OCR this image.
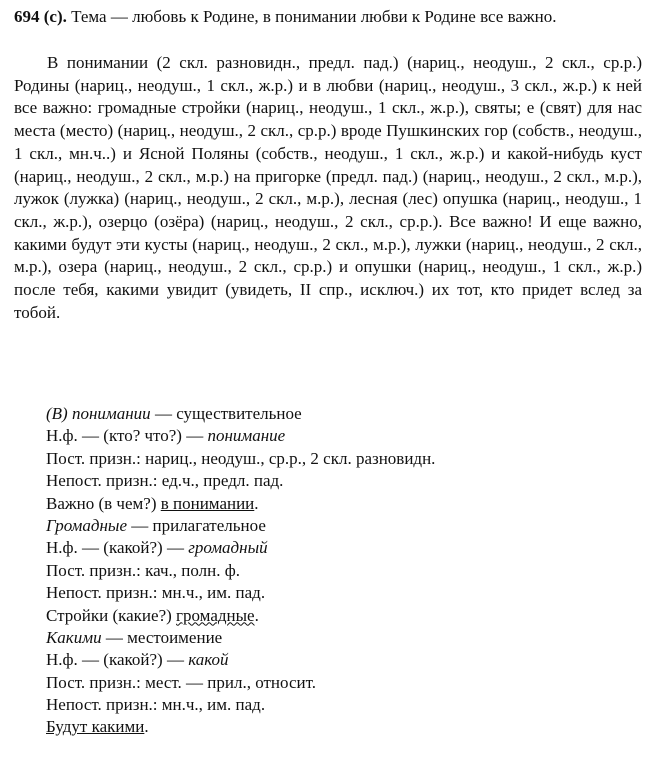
694 (с). Тема — любовь к Родине, в понимании любви к Родине все важно.
В понимании (2 скл. разновидн., предл. пад.) (нариц., неодуш., 2 скл., ср.р.) Родины (нариц., неодуш., 1 скл., ж.р.) и в любви (нариц., неодуш., 3 скл., ж.р.) к ней все важно: громадные стройки (нариц., неодуш., 1 скл., ж.р.), святы; е (свят) для нас места (место) (нариц., неодуш., 2 скл., ср.р.) вроде Пушкинских гор (собств., неодуш., 1 скл., мн.ч..) и Ясной Поляны (собств., неодуш., 1 скл., ж.р.) и какой-нибудь куст (нариц., неодуш., 2 скл., м.р.) на пригорке (предл. пад.) (нариц., неодуш., 2 скл., м.р.), лужок (лужка) (нариц., неодуш., 2 скл., м.р.), лесная (лес) опушка (нариц., неодуш., 1 скл., ж.р.), озерцо (озёра) (нариц., неодуш., 2 скл., ср.р.). Все важно! И еще важно, какими будут эти кусты (нариц., неодуш., 2 скл., м.р.), лужки (нариц., неодуш., 2 скл., м.р.), озера (нариц., неодуш., 2 скл., ср.р.) и опушки (нариц., неодуш., 1 скл., ж.р.) после тебя, какими увидит (увидеть, II спр., исключ.) их тот, кто придет вслед за тобой.
(В) понимании — существительное
Н.ф. — (кто? что?) — понимание
Пост. призн.: нариц., неодуш., ср.р., 2 скл. разновидн.
Непост. призн.: ед.ч., предл. пад.
Важно (в чем?) в понимании.
Громадные — прилагательное
Н.ф. — (какой?) — громадный
Пост. призн.: кач., полн. ф.
Непост. призн.: мн.ч., им. пад.
Стройки (какие?) громадные.
Какими — местоимение
Н.ф. — (какой?) — какой
Пост. призн.: мест. — прил., относит.
Непост. призн.: мн.ч., им. пад.
Будут какими.
